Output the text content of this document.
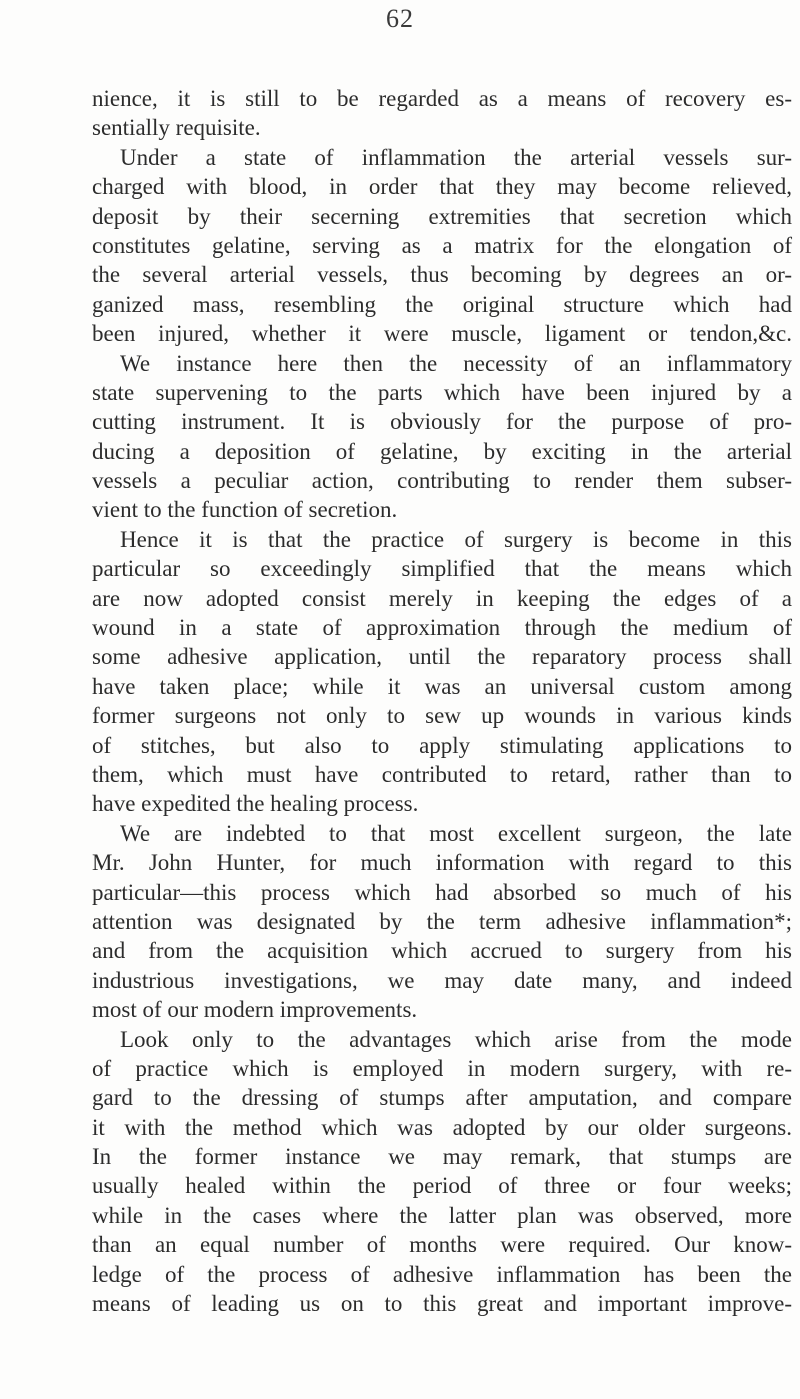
62
nience, it is still to be regarded as a means of recovery es-
sentially requisite.
Under a state of inflammation the arterial vessels sur-
charged with blood, in order that they may become relieved,
deposit by their secerning extremities that secretion which
constitutes gelatine, serving as a matrix for the elongation of
the several arterial vessels, thus becoming by degrees an or-
ganized mass, resembling the original structure which had
been injured, whether it were muscle, ligament or tendon,&c.
We instance here then the necessity of an inflammatory
state supervening to the parts which have been injured by a
cutting instrument. It is obviously for the purpose of pro-
ducing a deposition of gelatine, by exciting in the arterial
vessels a peculiar action, contributing to render them subser-
vient to the function of secretion.
Hence it is that the practice of surgery is become in this
particular so exceedingly simplified that the means which
are now adopted consist merely in keeping the edges of a
wound in a state of approximation through the medium of
some adhesive application, until the reparatory process shall
have taken place; while it was an universal custom among
former surgeons not only to sew up wounds in various kinds
of stitches, but also to apply stimulating applications to
them, which must have contributed to retard, rather than to
have expedited the healing process.
We are indebted to that most excellent surgeon, the late
Mr. John Hunter, for much information with regard to this
particular—this process which had absorbed so much of his
attention was designated by the term adhesive inflammation*;
and from the acquisition which accrued to surgery from his
industrious investigations, we may date many, and indeed
most of our modern improvements.
Look only to the advantages which arise from the mode
of practice which is employed in modern surgery, with re-
gard to the dressing of stumps after amputation, and compare
it with the method which was adopted by our older surgeons.
In the former instance we may remark, that stumps are
usually healed within the period of three or four weeks;
while in the cases where the latter plan was observed, more
than an equal number of months were required. Our know-
ledge of the process of adhesive inflammation has been the
means of leading us on to this great and important improve-
